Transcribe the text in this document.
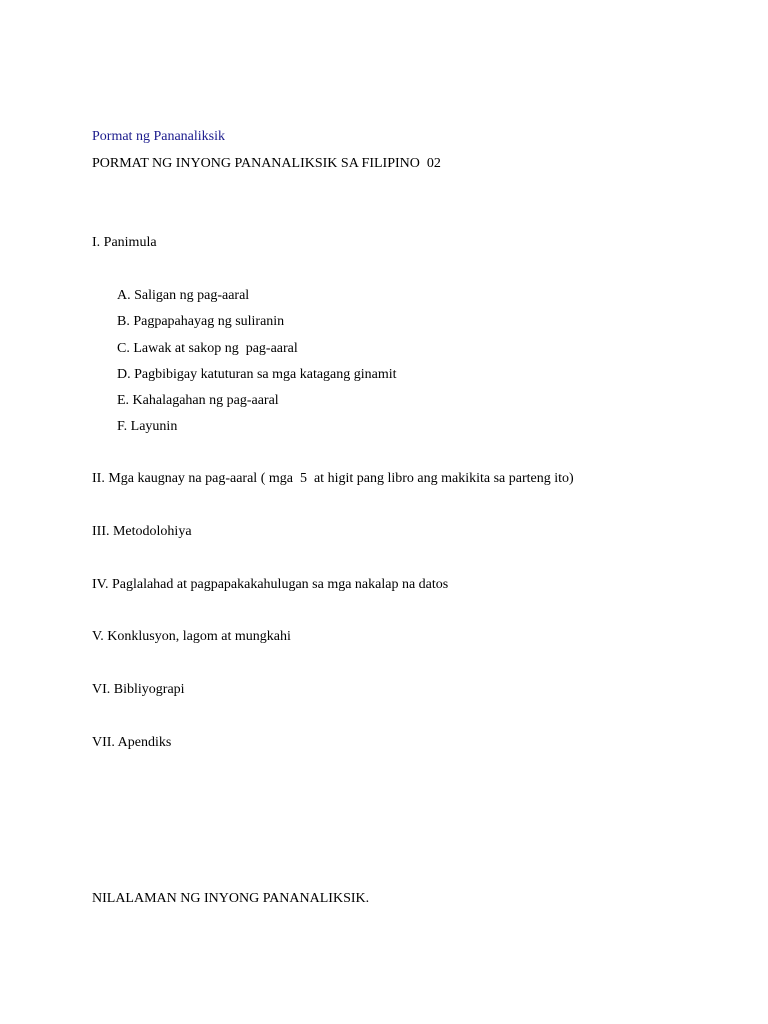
Pormat ng Pananaliksik
PORMAT NG INYONG PANANALIKSIK SA FILIPINO  02
I. Panimula
A. Saligan ng pag-aaral
B. Pagpapahayag ng suliranin
C. Lawak at sakop ng  pag-aaral
D. Pagbibigay katuturan sa mga katagang ginamit
E. Kahalagahan ng pag-aaral
F. Layunin
II. Mga kaugnay na pag-aaral ( mga  5  at higit pang libro ang makikita sa parteng ito)
III. Metodolohiya
IV. Paglalahad at pagpapakakahulugan sa mga nakalap na datos
V. Konklusyon, lagom at mungkahi
VI. Bibliyograpi
VII. Apendiks
NILALAMAN NG INYONG PANANALIKSIK.
